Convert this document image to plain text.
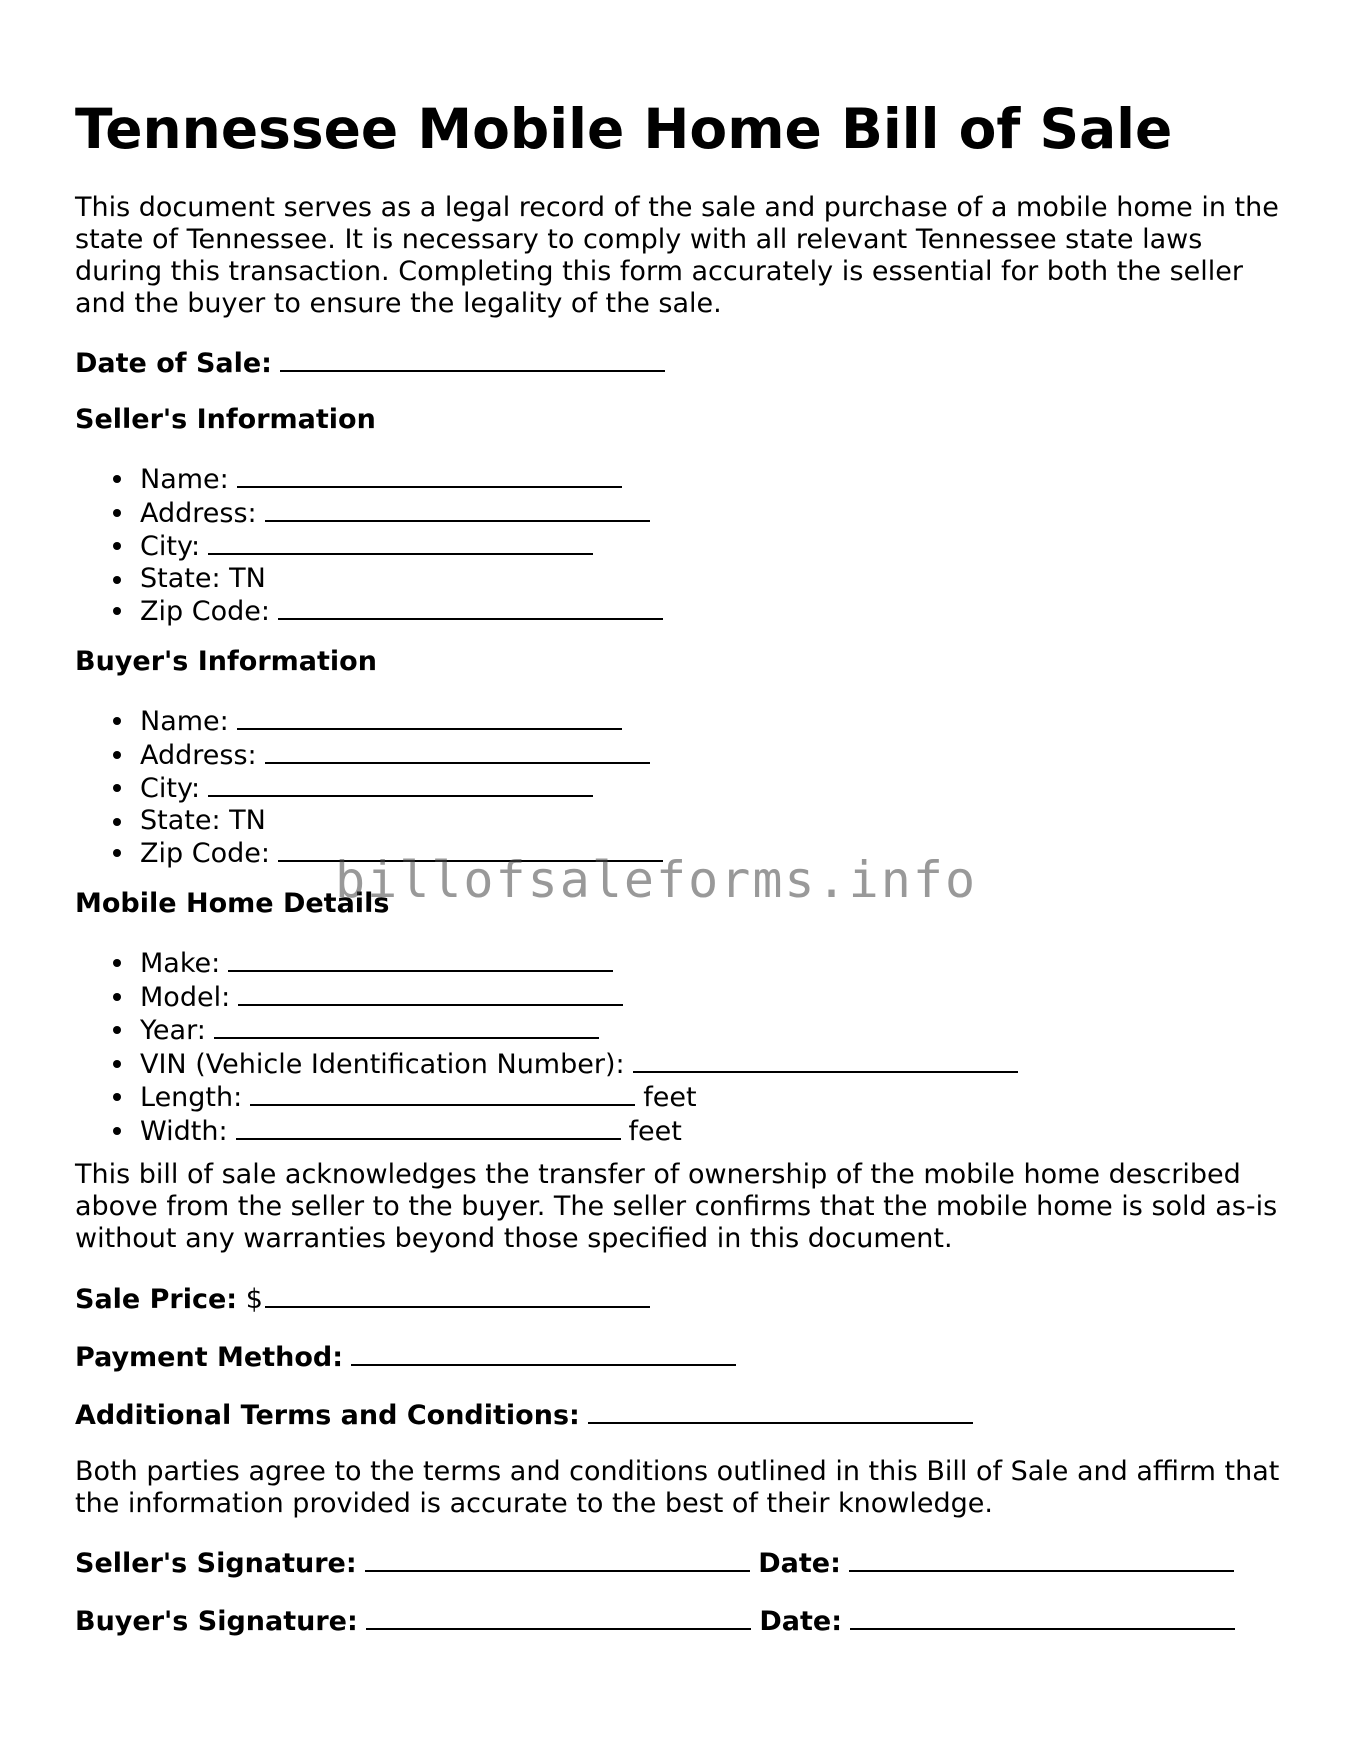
Tennessee Mobile Home Bill of Sale

This document serves as a legal record of the sale and purchase of a mobile home in the state of Tennessee. It is necessary to comply with all relevant Tennessee state laws during this transaction. Completing this form accurately is essential for both the seller and the buyer to ensure the legality of the sale.

Date of Sale:

Seller's Information

Name:
Address:
City:
State: TN
Zip Code:

Buyer's Information

Name:
Address:
City:
State: TN
Zip Code:

Mobile Home Details

Make:
Model:
Year:
VIN (Vehicle Identification Number):
Length:	feet
Width:	feet

This bill of sale acknowledges the transfer of ownership of the mobile home described above from the seller to the buyer. The seller confirms that the mobile home is sold as-is without any warranties beyond those specified in this document.

Sale Price: $

Payment Method:

Additional Terms and Conditions:

Both parties agree to the terms and conditions outlined in this Bill of Sale and affirm that the information provided is accurate to the best of their knowledge.

Seller's Signature:	Date:

Buyer's Signature:	Date:

billofsaleforms.info
